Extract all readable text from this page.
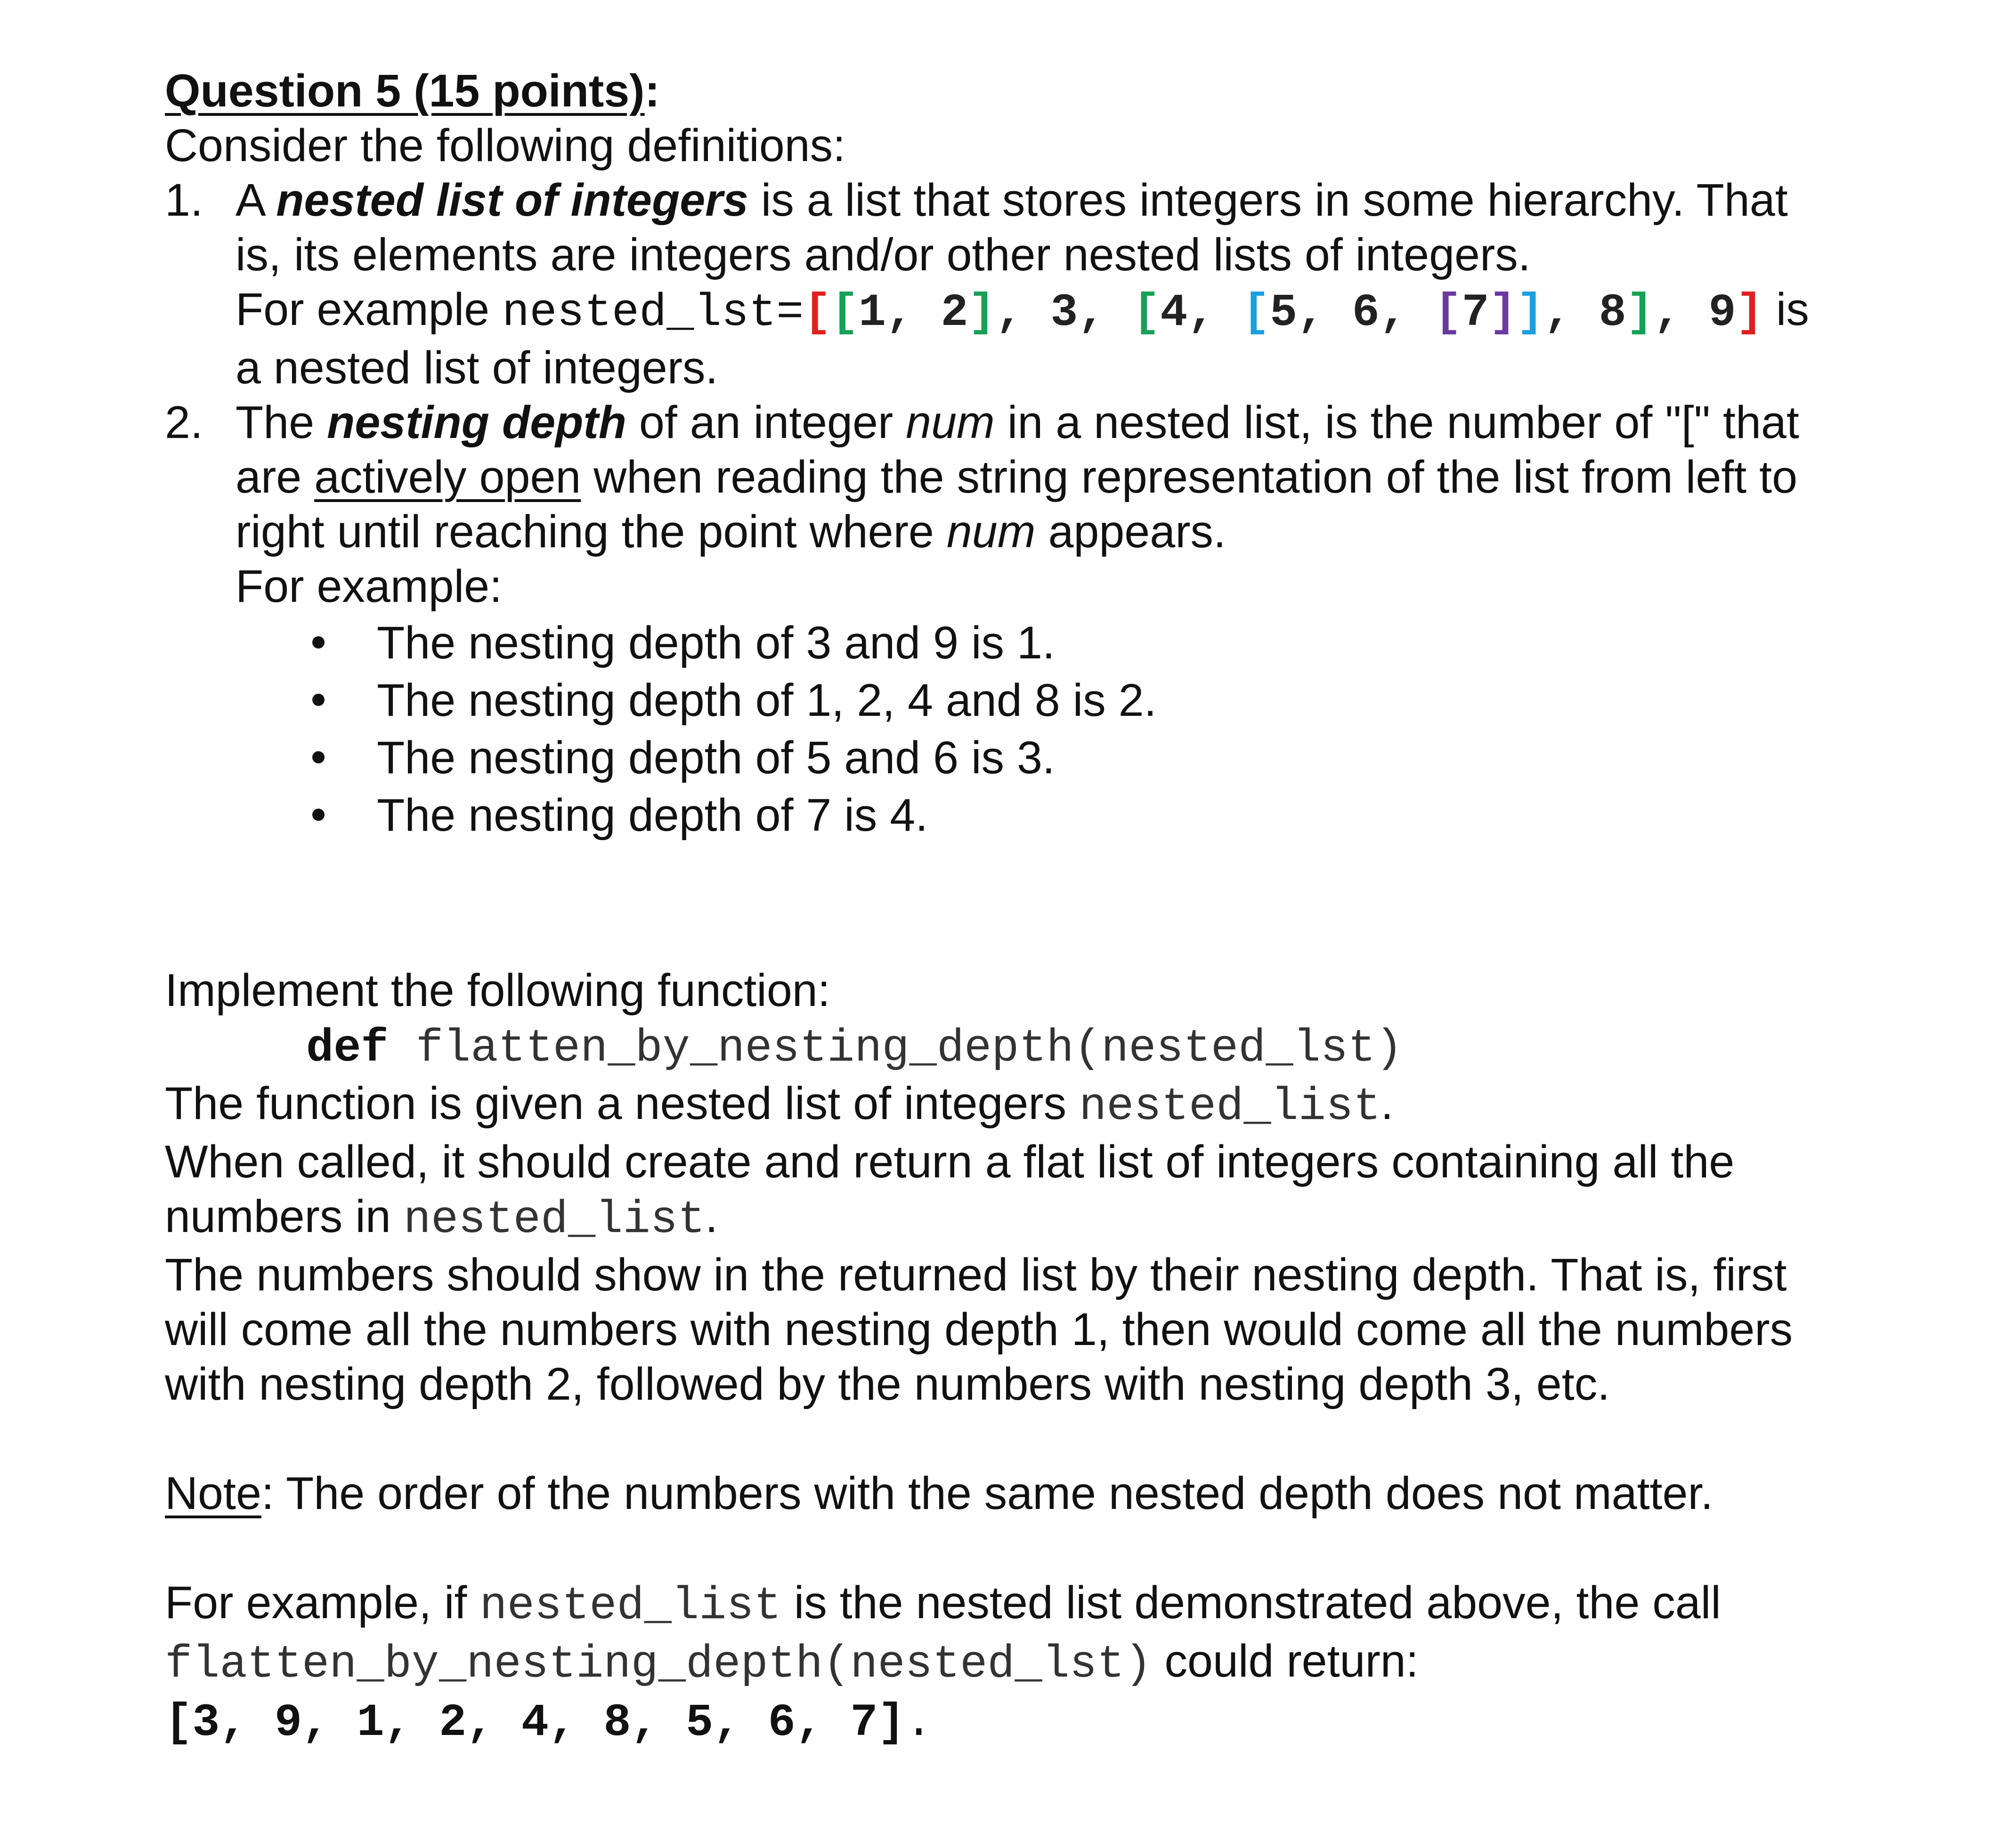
Question 5 (15 points):
Consider the following definitions:
1. A nested list of integers is a list that stores integers in some hierarchy. That
is, its elements are integers and/or other nested lists of integers.
For example nested_lst=[[1, 2], 3, [4, [5, 6, [7]], 8], 9] is
a nested list of integers.
2. The nesting depth of an integer num in a nested list, is the number of "[" that
are actively open when reading the string representation of the list from left to
right until reaching the point where num appears.
For example:
The nesting depth of 3 and 9 is 1.
The nesting depth of 1, 2, 4 and 8 is 2.
The nesting depth of 5 and 6 is 3.
The nesting depth of 7 is 4.
Implement the following function:
def flatten_by_nesting_depth(nested_lst)
The function is given a nested list of integers nested_list.
When called, it should create and return a flat list of integers containing all the
numbers in nested_list.
The numbers should show in the returned list by their nesting depth. That is, first
will come all the numbers with nesting depth 1, then would come all the numbers
with nesting depth 2, followed by the numbers with nesting depth 3, etc.
Note: The order of the numbers with the same nested depth does not matter.
For example, if nested_list is the nested list demonstrated above, the call
flatten_by_nesting_depth(nested_lst) could return:
[3, 9, 1, 2, 4, 8, 5, 6, 7].
